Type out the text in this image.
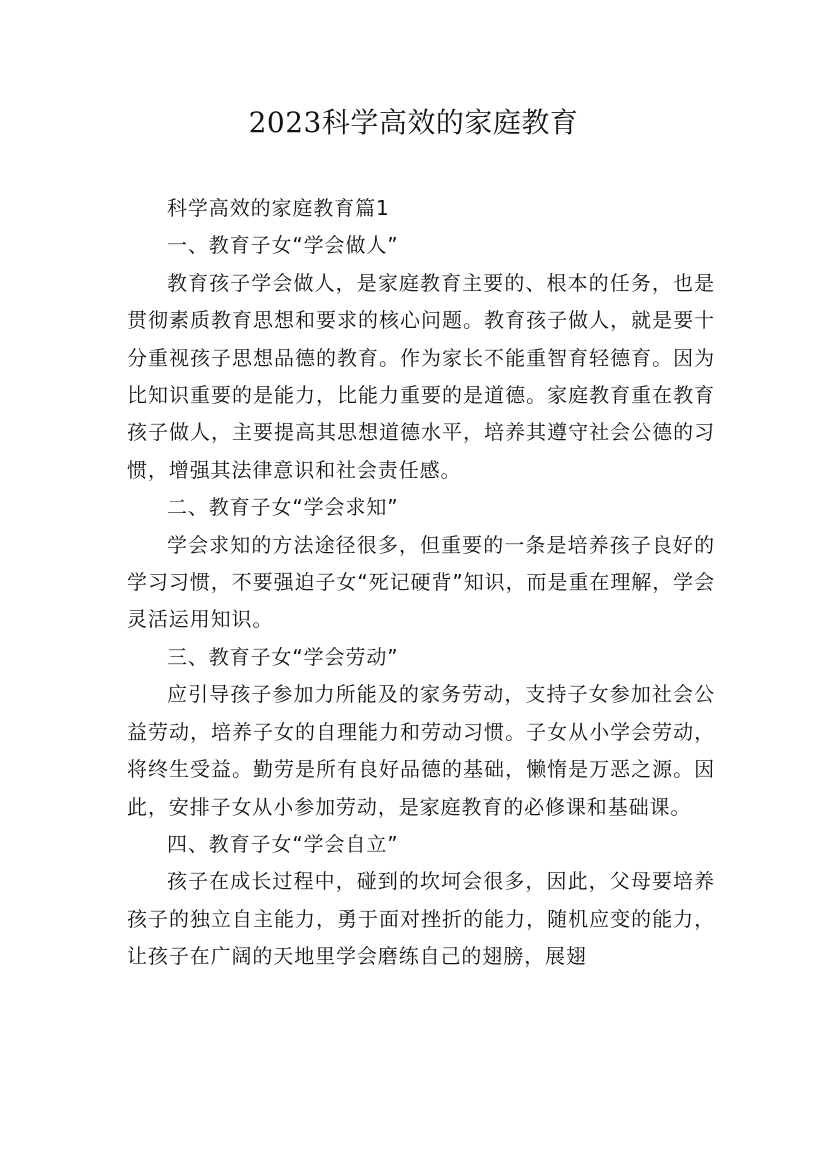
2023科学高效的家庭教育

科学高效的家庭教育篇1

一、教育子女“学会做人”

教育孩子学会做人，是家庭教育主要的、根本的任务，也是贯彻素质教育思想和要求的核心问题。教育孩子做人，就是要十分重视孩子思想品德的教育。作为家长不能重智育轻德育。因为比知识重要的是能力，比能力重要的是道德。家庭教育重在教育孩子做人，主要提高其思想道德水平，培养其遵守社会公德的习惯，增强其法律意识和社会责任感。

二、教育子女“学会求知”

学会求知的方法途径很多，但重要的一条是培养孩子良好的学习习惯，不要强迫子女“死记硬背”知识，而是重在理解，学会灵活运用知识。

三、教育子女“学会劳动”

应引导孩子参加力所能及的家务劳动，支持子女参加社会公益劳动，培养子女的自理能力和劳动习惯。子女从小学会劳动，将终生受益。勤劳是所有良好品德的基础，懒惰是万恶之源。因此，安排子女从小参加劳动，是家庭教育的必修课和基础课。

四、教育子女“学会自立”

孩子在成长过程中，碰到的坎坷会很多，因此，父母要培养孩子的独立自主能力，勇于面对挫折的能力，随机应变的能力，让孩子在广阔的天地里学会磨练自己的翅膀，展翅
